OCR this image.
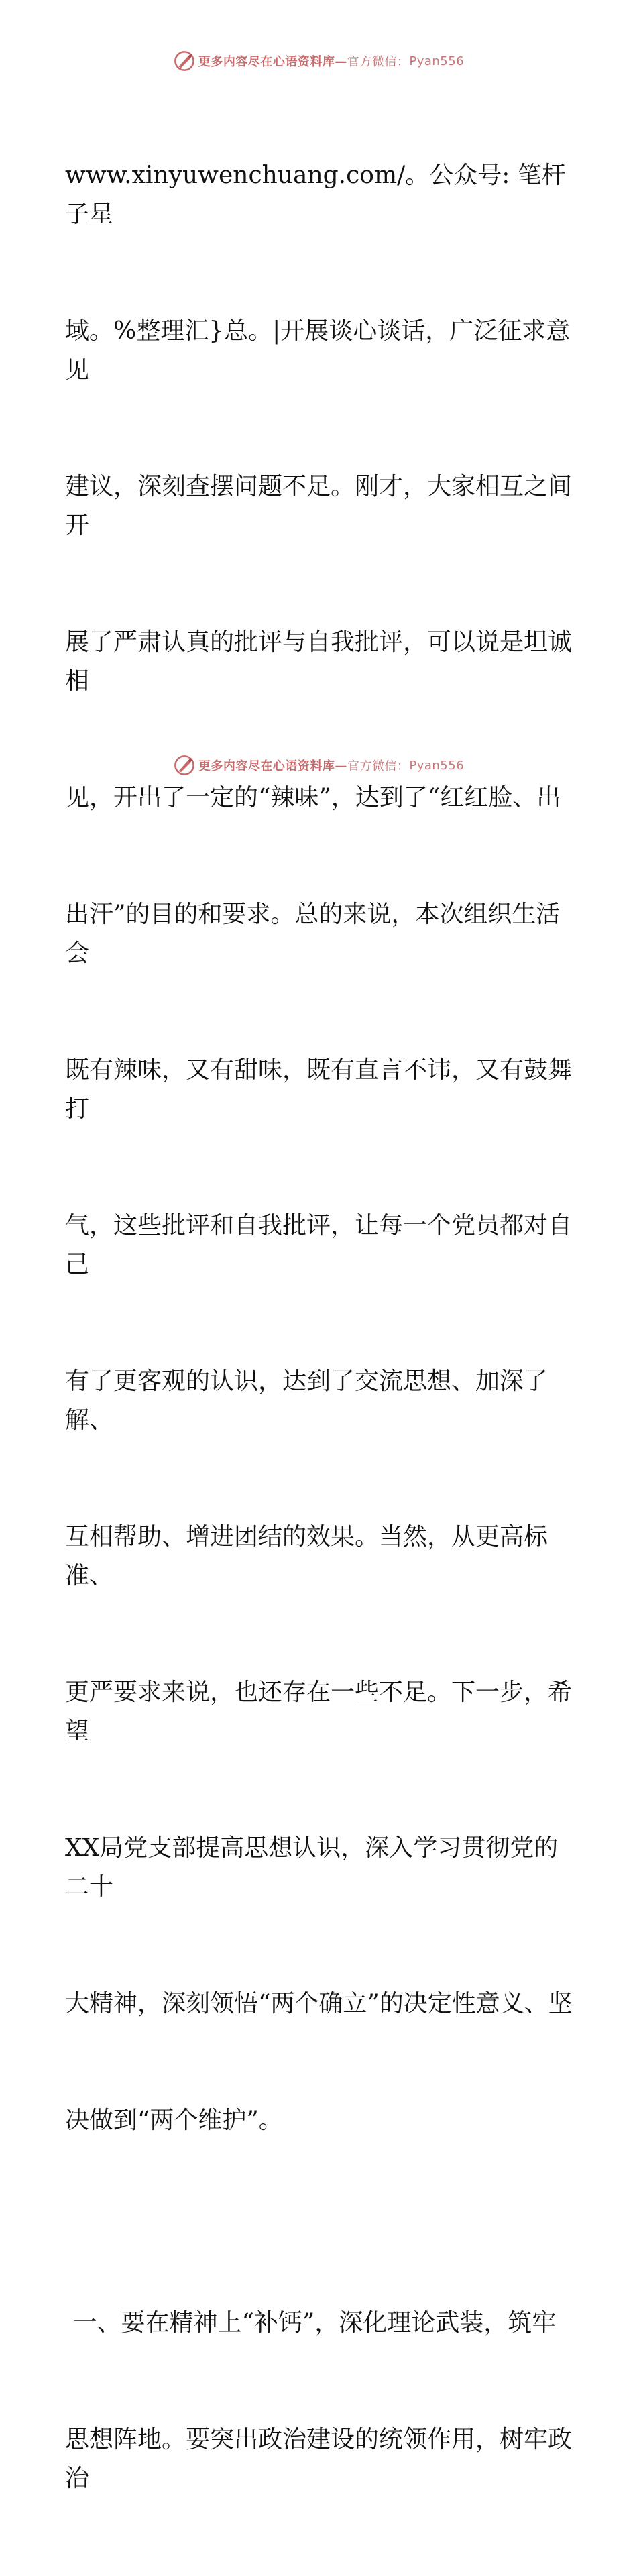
更多内容尽在心语资料库— 官方微信： Pyan556

www.xinyuwenchuang.com/。公众号: 笔杆子星

域。%整理汇}总。|开展谈心谈话，广泛征求意见

建议，深刻查摆问题不足。刚才，大家相互之间开

展了严肃认真的批评与自我批评，可以说是坦诚相

见，开出了一定的“辣味”，达到了“红红脸、出

出汗”的目的和要求。总的来说，本次组织生活会

既有辣味，又有甜味，既有直言不讳，又有鼓舞打

气，这些批评和自我批评，让每一个党员都对自己

有了更客观的认识，达到了交流思想、加深了解、

互相帮助、增进团结的效果。当然，从更高标准、

更严要求来说，也还存在一些不足。下一步，希望

XX局党支部提高思想认识，深入学习贯彻党的二十

大精神，深刻领悟“两个确立”的决定性意义、坚

决做到“两个维护”。

一、要在精神上“补钙”，深化理论武装，筑牢

思想阵地。要突出政治建设的统领作用，树牢政治

更多内容尽在心语资料库— 官方微信： Pyan556
